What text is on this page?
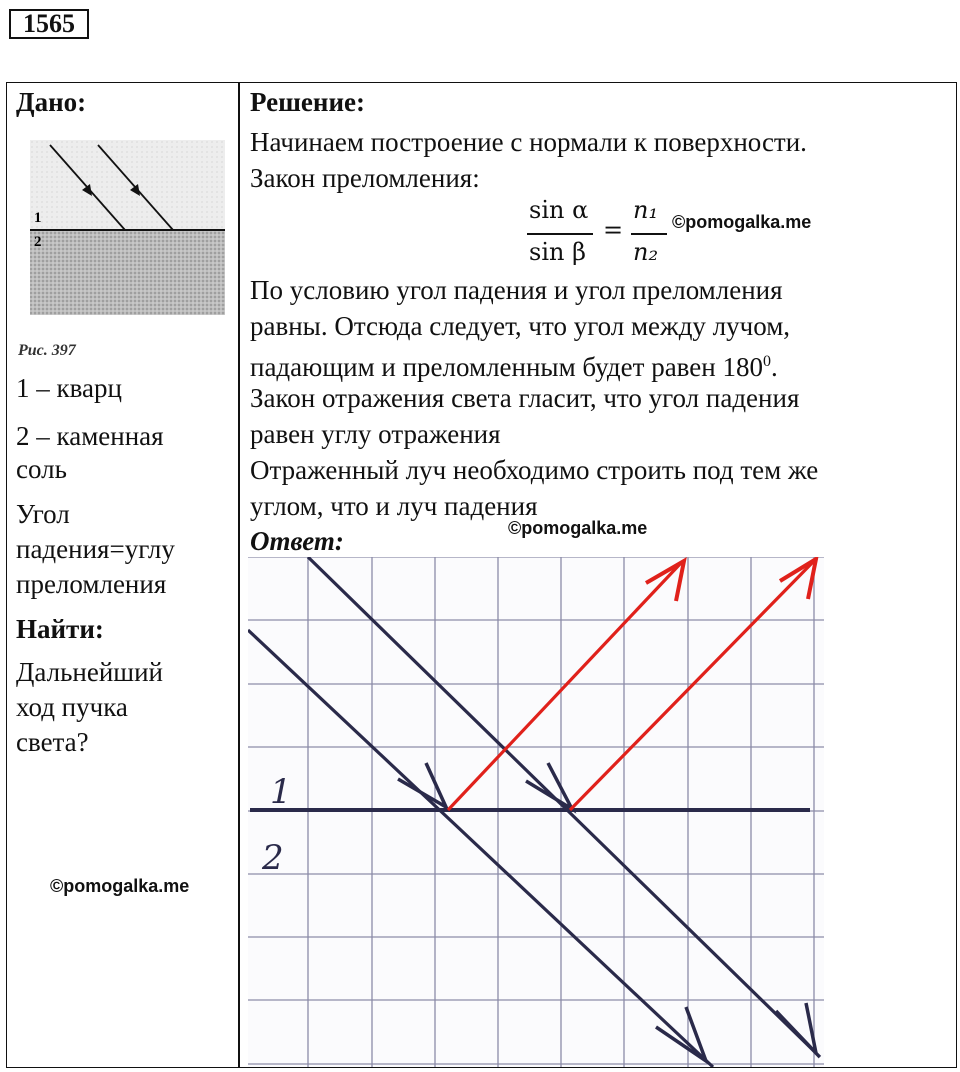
1565
Дано:
1
2
Рис. 397
1 – кварц
2 – каменная
соль
Угол
падения=углу
преломления
Найти:
Дальнейший
ход пучка
света?
©pomogalka.me
Решение:
Начинаем построение с нормали к поверхности.
Закон преломления:
sin α
sin β
=
n₁
n₂
©pomogalka.me
По условию угол падения и угол преломления
равны. Отсюда следует, что угол между лучом,
падающим и преломленным будет равен $180^0$.
Закон отражения света гласит, что угол падения
равен углу отражения
Отраженный луч необходимо строить под тем же
углом, что и луч падения
©pomogalka.me
Ответ:
1
2
